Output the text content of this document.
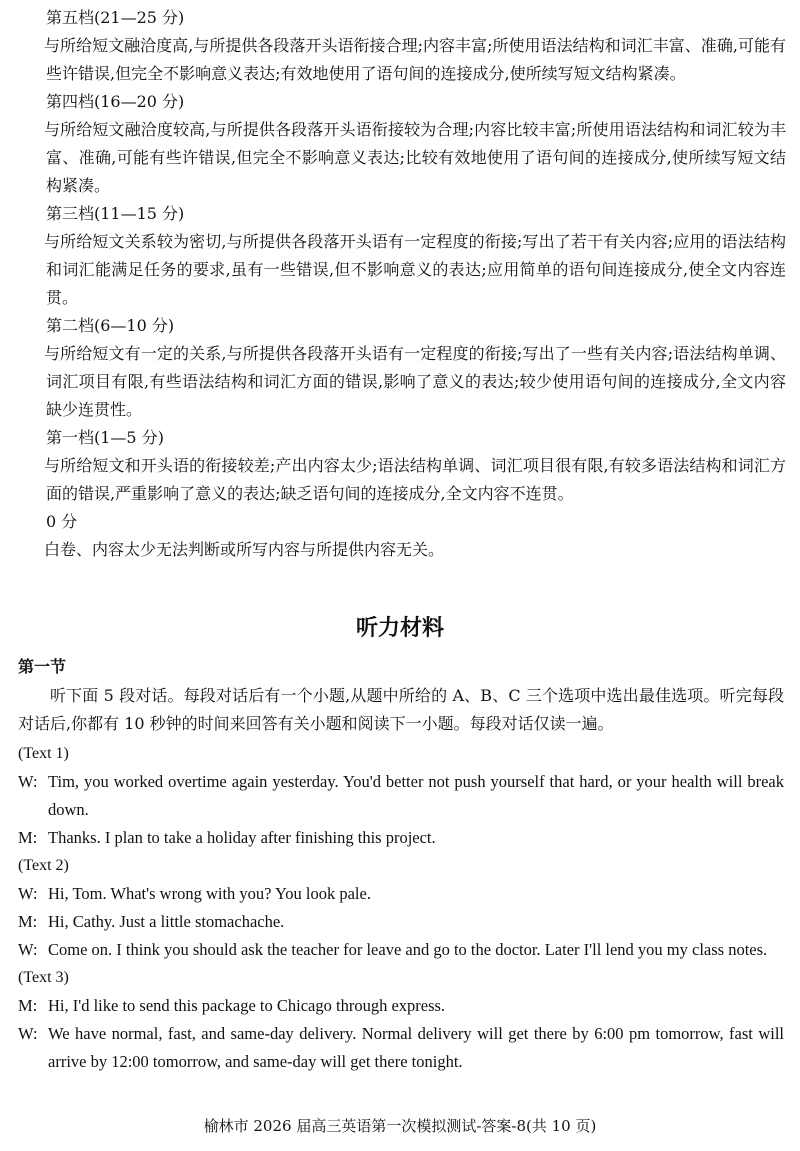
第五档(21—25 分)
与所给短文融洽度高,与所提供各段落开头语衔接合理;内容丰富;所使用语法结构和词汇丰富、准确,可能有些许错误,但完全不影响意义表达;有效地使用了语句间的连接成分,使所续写短文结构紧凑。
第四档(16—20 分)
与所给短文融洽度较高,与所提供各段落开头语衔接较为合理;内容比较丰富;所使用语法结构和词汇较为丰富、准确,可能有些许错误,但完全不影响意义表达;比较有效地使用了语句间的连接成分,使所续写短文结构紧凑。
第三档(11—15 分)
与所给短文关系较为密切,与所提供各段落开头语有一定程度的衔接;写出了若干有关内容;应用的语法结构和词汇能满足任务的要求,虽有一些错误,但不影响意义的表达;应用简单的语句间连接成分,使全文内容连贯。
第二档(6—10 分)
与所给短文有一定的关系,与所提供各段落开头语有一定程度的衔接;写出了一些有关内容;语法结构单调、词汇项目有限,有些语法结构和词汇方面的错误,影响了意义的表达;较少使用语句间的连接成分,全文内容缺少连贯性。
第一档(1—5 分)
与所给短文和开头语的衔接较差;产出内容太少;语法结构单调、词汇项目很有限,有较多语法结构和词汇方面的错误,严重影响了意义的表达;缺乏语句间的连接成分,全文内容不连贯。
0 分
白卷、内容太少无法判断或所写内容与所提供内容无关。
听力材料
第一节
听下面 5 段对话。每段对话后有一个小题,从题中所给的 A、B、C 三个选项中选出最佳选项。听完每段对话后,你都有 10 秒钟的时间来回答有关小题和阅读下一小题。每段对话仅读一遍。
(Text 1)
W: Tim, you worked overtime again yesterday. You'd better not push yourself that hard, or your health will break down.
M: Thanks. I plan to take a holiday after finishing this project.
(Text 2)
W: Hi, Tom. What's wrong with you? You look pale.
M: Hi, Cathy. Just a little stomachache.
W: Come on. I think you should ask the teacher for leave and go to the doctor. Later I'll lend you my class notes.
(Text 3)
M: Hi, I'd like to send this package to Chicago through express.
W: We have normal, fast, and same-day delivery. Normal delivery will get there by 6:00 pm tomorrow, fast will arrive by 12:00 tomorrow, and same-day will get there tonight.
榆林市 2026 届高三英语第一次模拟测试-答案-8(共 10 页)
